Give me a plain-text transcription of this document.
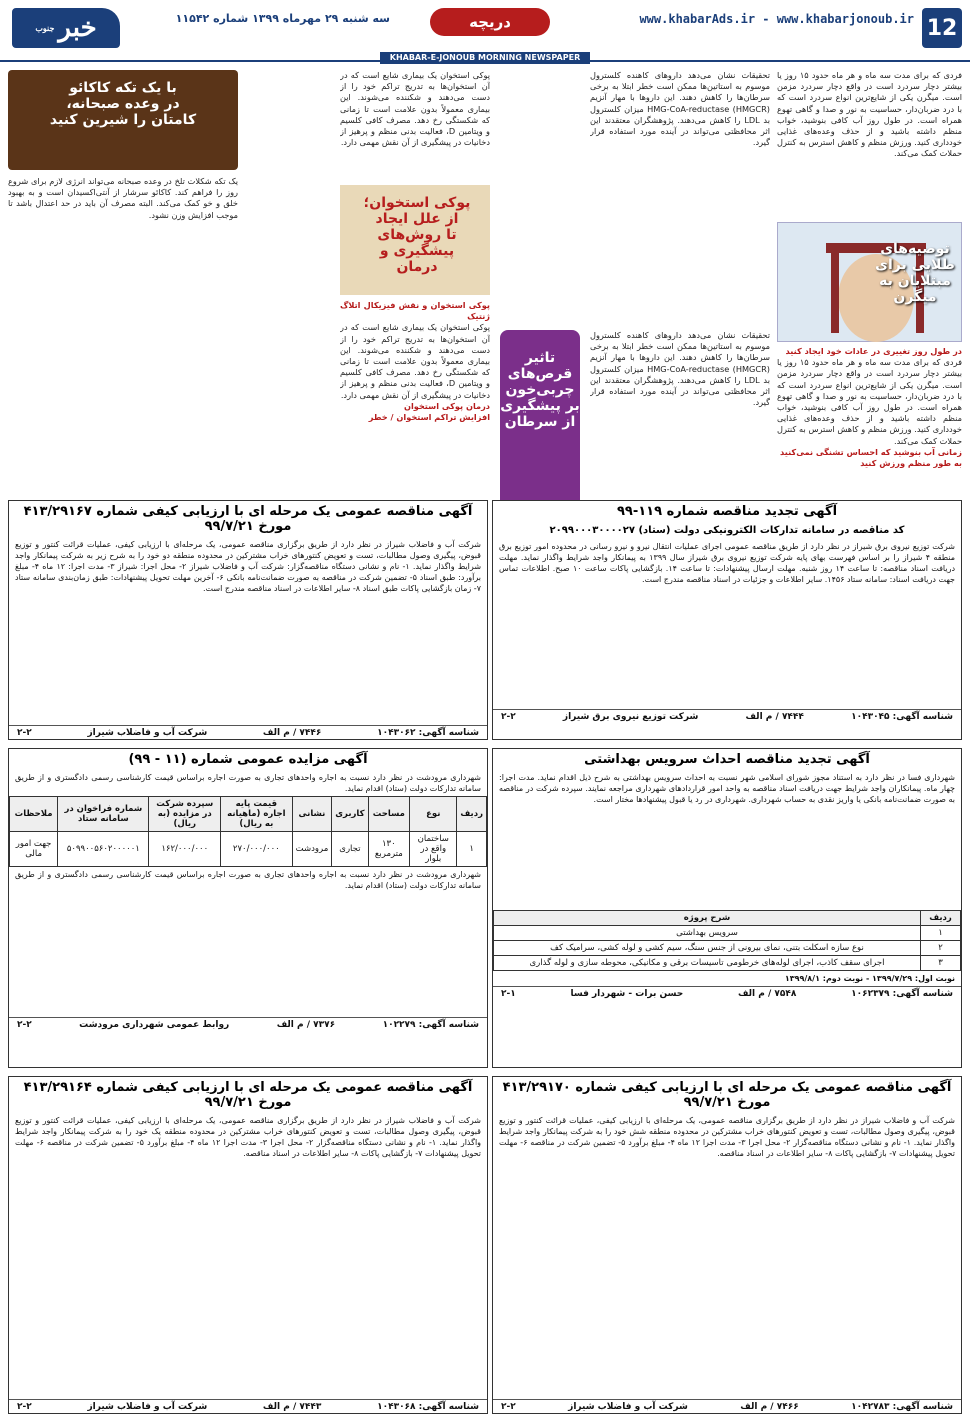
12
www.khabarAds.ir - www.khabarjonoub.ir
دریچه
سه شنبه ۲۹ مهرماه ۱۳۹۹ شماره ۱۱۵۴۲
خبر
جنوب
KHABAR-E-JONOUB MORNING NEWSPAPER
فردی که برای مدت سه ماه و هر ماه حدود ۱۵ روز یا بیشتر دچار سردرد است در واقع دچار سردرد مزمن است. میگرن یکی از شایع‌ترین انواع سردرد است که با درد ضربان‌دار، حساسیت به نور و صدا و گاهی تهوع همراه است. در طول روز آب کافی بنوشید، خواب منظم داشته باشید و از حذف وعده‌های غذایی خودداری کنید. ورزش منظم و کاهش استرس به کنترل حملات کمک می‌کند.
توصیه‌های
طلایی برای
مبتلایان به
میگرن
در طول روز تغییری در عادات خود ایجاد کنید
فردی که برای مدت سه ماه و هر ماه حدود ۱۵ روز یا بیشتر دچار سردرد است در واقع دچار سردرد مزمن است. میگرن یکی از شایع‌ترین انواع سردرد است که با درد ضربان‌دار، حساسیت به نور و صدا و گاهی تهوع همراه است. در طول روز آب کافی بنوشید، خواب منظم داشته باشید و از حذف وعده‌های غذایی خودداری کنید. ورزش منظم و کاهش استرس به کنترل حملات کمک می‌کند.
زمانی آب بنوشید که احساس تشنگی نمی‌کنید
به طور منظم ورزش کنید
تحقیقات نشان می‌دهد داروهای کاهنده کلسترول موسوم به استاتین‌ها ممکن است خطر ابتلا به برخی سرطان‌ها را کاهش دهند. این داروها با مهار آنزیم HMG-CoA-reductase (HMGCR) میزان کلسترول بد LDL را کاهش می‌دهند. پژوهشگران معتقدند این اثر محافظتی می‌تواند در آینده مورد استفاده قرار گیرد.
تاثیر
قرص‌های
چربی‌خون
بر پیشگیری
از سرطان
تحقیقات نشان می‌دهد داروهای کاهنده کلسترول موسوم به استاتین‌ها ممکن است خطر ابتلا به برخی سرطان‌ها را کاهش دهند. این داروها با مهار آنزیم HMG-CoA-reductase (HMGCR) میزان کلسترول بد LDL را کاهش می‌دهند. پژوهشگران معتقدند این اثر محافظتی می‌تواند در آینده مورد استفاده قرار گیرد.
پوکی استخوان یک بیماری شایع است که در آن استخوان‌ها به تدریج تراکم خود را از دست می‌دهند و شکننده می‌شوند. این بیماری معمولاً بدون علامت است تا زمانی که شکستگی رخ دهد. مصرف کافی کلسیم و ویتامین D، فعالیت بدنی منظم و پرهیز از دخانیات در پیشگیری از آن نقش مهمی دارد.
پوکی استخوان؛
از علل ایجاد
تا روش‌های
پیشگیری و
درمان
پوکی استخوان و نقش فیزیکال اتلاگ ژنتیک
پوکی استخوان یک بیماری شایع است که در آن استخوان‌ها به تدریج تراکم خود را از دست می‌دهند و شکننده می‌شوند. این بیماری معمولاً بدون علامت است تا زمانی که شکستگی رخ دهد. مصرف کافی کلسیم و ویتامین D، فعالیت بدنی منظم و پرهیز از دخانیات در پیشگیری از آن نقش مهمی دارد.
درمان پوکی استخوان
افزایش تراکم استخوان / خطر
با یک تکه کاکائو
در وعده صبحانه،
کامتان را شیرین کنید
یک تکه شکلات تلخ در وعده صبحانه می‌تواند انرژی لازم برای شروع روز را فراهم کند. کاکائو سرشار از آنتی‌اکسیدان است و به بهبود خلق و خو کمک می‌کند. البته مصرف آن باید در حد اعتدال باشد تا موجب افزایش وزن نشود.
آگهی مناقصه عمومی یک مرحله ای با ارزیابی کیفی شماره ۴۱۳/۲۹۱۶۷ مورخ ۹۹/۷/۲۱
شرکت آب و فاضلاب شیراز در نظر دارد از طریق برگزاری مناقصه عمومی، یک مرحله‌ای با ارزیابی کیفی، عملیات قرائت کنتور و توزیع قبوض، پیگیری وصول مطالبات، تست و تعویض کنتورهای خراب مشترکین در محدوده منطقه دو خود را به شرح زیر به شرکت پیمانکار واجد شرایط واگذار نماید. ۱- نام و نشانی دستگاه مناقصه‌گزار: شرکت آب و فاضلاب شیراز ۲- محل اجرا: شیراز ۳- مدت اجرا: ۱۲ ماه ۴- مبلغ برآورد: طبق اسناد ۵- تضمین شرکت در مناقصه به صورت ضمانت‌نامه بانکی ۶- آخرین مهلت تحویل پیشنهادات: طبق زمان‌بندی سامانه ستاد ۷- زمان بازگشایی پاکات طبق اسناد ۸- سایر اطلاعات در اسناد مناقصه مندرج است.
شناسه آگهی: ۱۰۴۳۰۶۲
۷۴۴۶ / م الف
شرکت آب و فاضلاب شیراز
۲-۲
آگهی تجدید مناقصه شماره ۱۱۹-۹۹
کد مناقصه در سامانه تدارکات الکترونیکی دولت (ستاد) ۲۰۹۹۰۰۰۳۰۰۰۰۲۷
شرکت توزیع نیروی برق شیراز در نظر دارد از طریق مناقصه عمومی اجرای عملیات انتقال نیرو و نیرو رسانی در محدوده امور توزیع برق منطقه ۴ شیراز را بر اساس فهرست بهای پایه شرکت توزیع نیروی برق شیراز سال ۱۳۹۹ به پیمانکار واجد شرایط واگذار نماید. مهلت دریافت اسناد مناقصه: تا ساعت ۱۴ روز شنبه. مهلت ارسال پیشنهادات: تا ساعت ۱۴. بازگشایی پاکات ساعت ۱۰ صبح. اطلاعات تماس جهت دریافت اسناد: سامانه ستاد ۱۴۵۶. سایر اطلاعات و جزئیات در اسناد مناقصه مندرج است.
شناسه آگهی: ۱۰۴۳۰۴۵
۷۴۴۴ / م الف
شرکت توزیع نیروی برق شیراز
۲-۲
آگهی مزایده عمومی شماره (۱۱ - ۹۹)
شهرداری مرودشت در نظر دارد نسبت به اجاره واحدهای تجاری به صورت اجاره براساس قیمت کارشناسی رسمی دادگستری و از طریق سامانه تدارکات دولت (ستاد) اقدام نماید.
ردیف	نوع	مساحت	کاربری	نشانی	قیمت پایه اجاره (ماهیانه به ریال)	سپرده شرکت در مزایده (به ریال)	شماره فراخوان در سامانه ستاد	ملاحظات
۱	ساختمان واقع در بلوار	۱۳۰ مترمربع	تجاری	مرودشت	۲۷۰/۰۰۰/۰۰۰	۱۶۲/۰۰۰/۰۰۰	۵۰۹۹۰۰۵۶۰۲۰۰۰۰۰۱	جهت امور مالی
شهرداری مرودشت در نظر دارد نسبت به اجاره واحدهای تجاری به صورت اجاره براساس قیمت کارشناسی رسمی دادگستری و از طریق سامانه تدارکات دولت (ستاد) اقدام نماید.
شناسه آگهی: ۱۰۲۲۷۹
۷۳۷۶ / م الف
روابط عمومی شهرداری مرودشت
۲-۲
آگهی تجدید مناقصه احداث سرویس بهداشتی
شهرداری فسا در نظر دارد به استناد مجوز شورای اسلامی شهر نسبت به احداث سرویس بهداشتی به شرح ذیل اقدام نماید. مدت اجرا: چهار ماه. پیمانکاران واجد شرایط جهت دریافت اسناد مناقصه به واحد امور قراردادهای شهرداری مراجعه نمایند. سپرده شرکت در مناقصه به صورت ضمانت‌نامه بانکی یا واریز نقدی به حساب شهرداری. شهرداری در رد یا قبول پیشنهادها مختار است.
ردیف	شرح پروژه
۱	سرویس بهداشتی
۲	نوع سازه اسکلت بتنی، نمای بیرونی از جنس سنگ، سیم کشی و لوله کشی، سرامیک کف
۳	اجرای سقف کاذب، اجرای لوله‌های خرطومی تاسیسات برقی و مکانیکی، محوطه سازی و لوله گذاری
نوبت اول: ۱۳۹۹/۷/۲۹ - نوبت دوم: ۱۳۹۹/۸/۱
شناسه آگهی: ۱۰۶۲۳۷۹
۷۵۴۸ / م الف
حسن برات - شهردار فسا
۲-۱
آگهی مناقصه عمومی یک مرحله ای با ارزیابی کیفی شماره ۴۱۳/۲۹۱۶۴ مورخ ۹۹/۷/۲۱
شرکت آب و فاضلاب شیراز در نظر دارد از طریق برگزاری مناقصه عمومی، یک مرحله‌ای با ارزیابی کیفی، عملیات قرائت کنتور و توزیع قبوض، پیگیری وصول مطالبات، تست و تعویض کنتورهای خراب مشترکین در محدوده منطقه یک خود را به شرکت پیمانکار واجد شرایط واگذار نماید. ۱- نام و نشانی دستگاه مناقصه‌گزار ۲- محل اجرا ۳- مدت اجرا ۱۲ ماه ۴- مبلغ برآورد ۵- تضمین شرکت در مناقصه ۶- مهلت تحویل پیشنهادات ۷- بازگشایی پاکات ۸- سایر اطلاعات در اسناد مناقصه.
شناسه آگهی: ۱۰۴۳۰۶۸
۷۴۴۳ / م الف
شرکت آب و فاضلاب شیراز
۲-۲
آگهی مناقصه عمومی یک مرحله ای با ارزیابی کیفی شماره ۴۱۳/۲۹۱۷۰ مورخ ۹۹/۷/۲۱
شرکت آب و فاضلاب شیراز در نظر دارد از طریق برگزاری مناقصه عمومی، یک مرحله‌ای با ارزیابی کیفی، عملیات قرائت کنتور و توزیع قبوض، پیگیری وصول مطالبات، تست و تعویض کنتورهای خراب مشترکین در محدوده منطقه شش خود را به شرکت پیمانکار واجد شرایط واگذار نماید. ۱- نام و نشانی دستگاه مناقصه‌گزار ۲- محل اجرا ۳- مدت اجرا ۱۲ ماه ۴- مبلغ برآورد ۵- تضمین شرکت در مناقصه ۶- مهلت تحویل پیشنهادات ۷- بازگشایی پاکات ۸- سایر اطلاعات در اسناد مناقصه.
شناسه آگهی: ۱۰۴۲۷۸۳
۷۴۶۶ / م الف
شرکت آب و فاضلاب شیراز
۲-۲
